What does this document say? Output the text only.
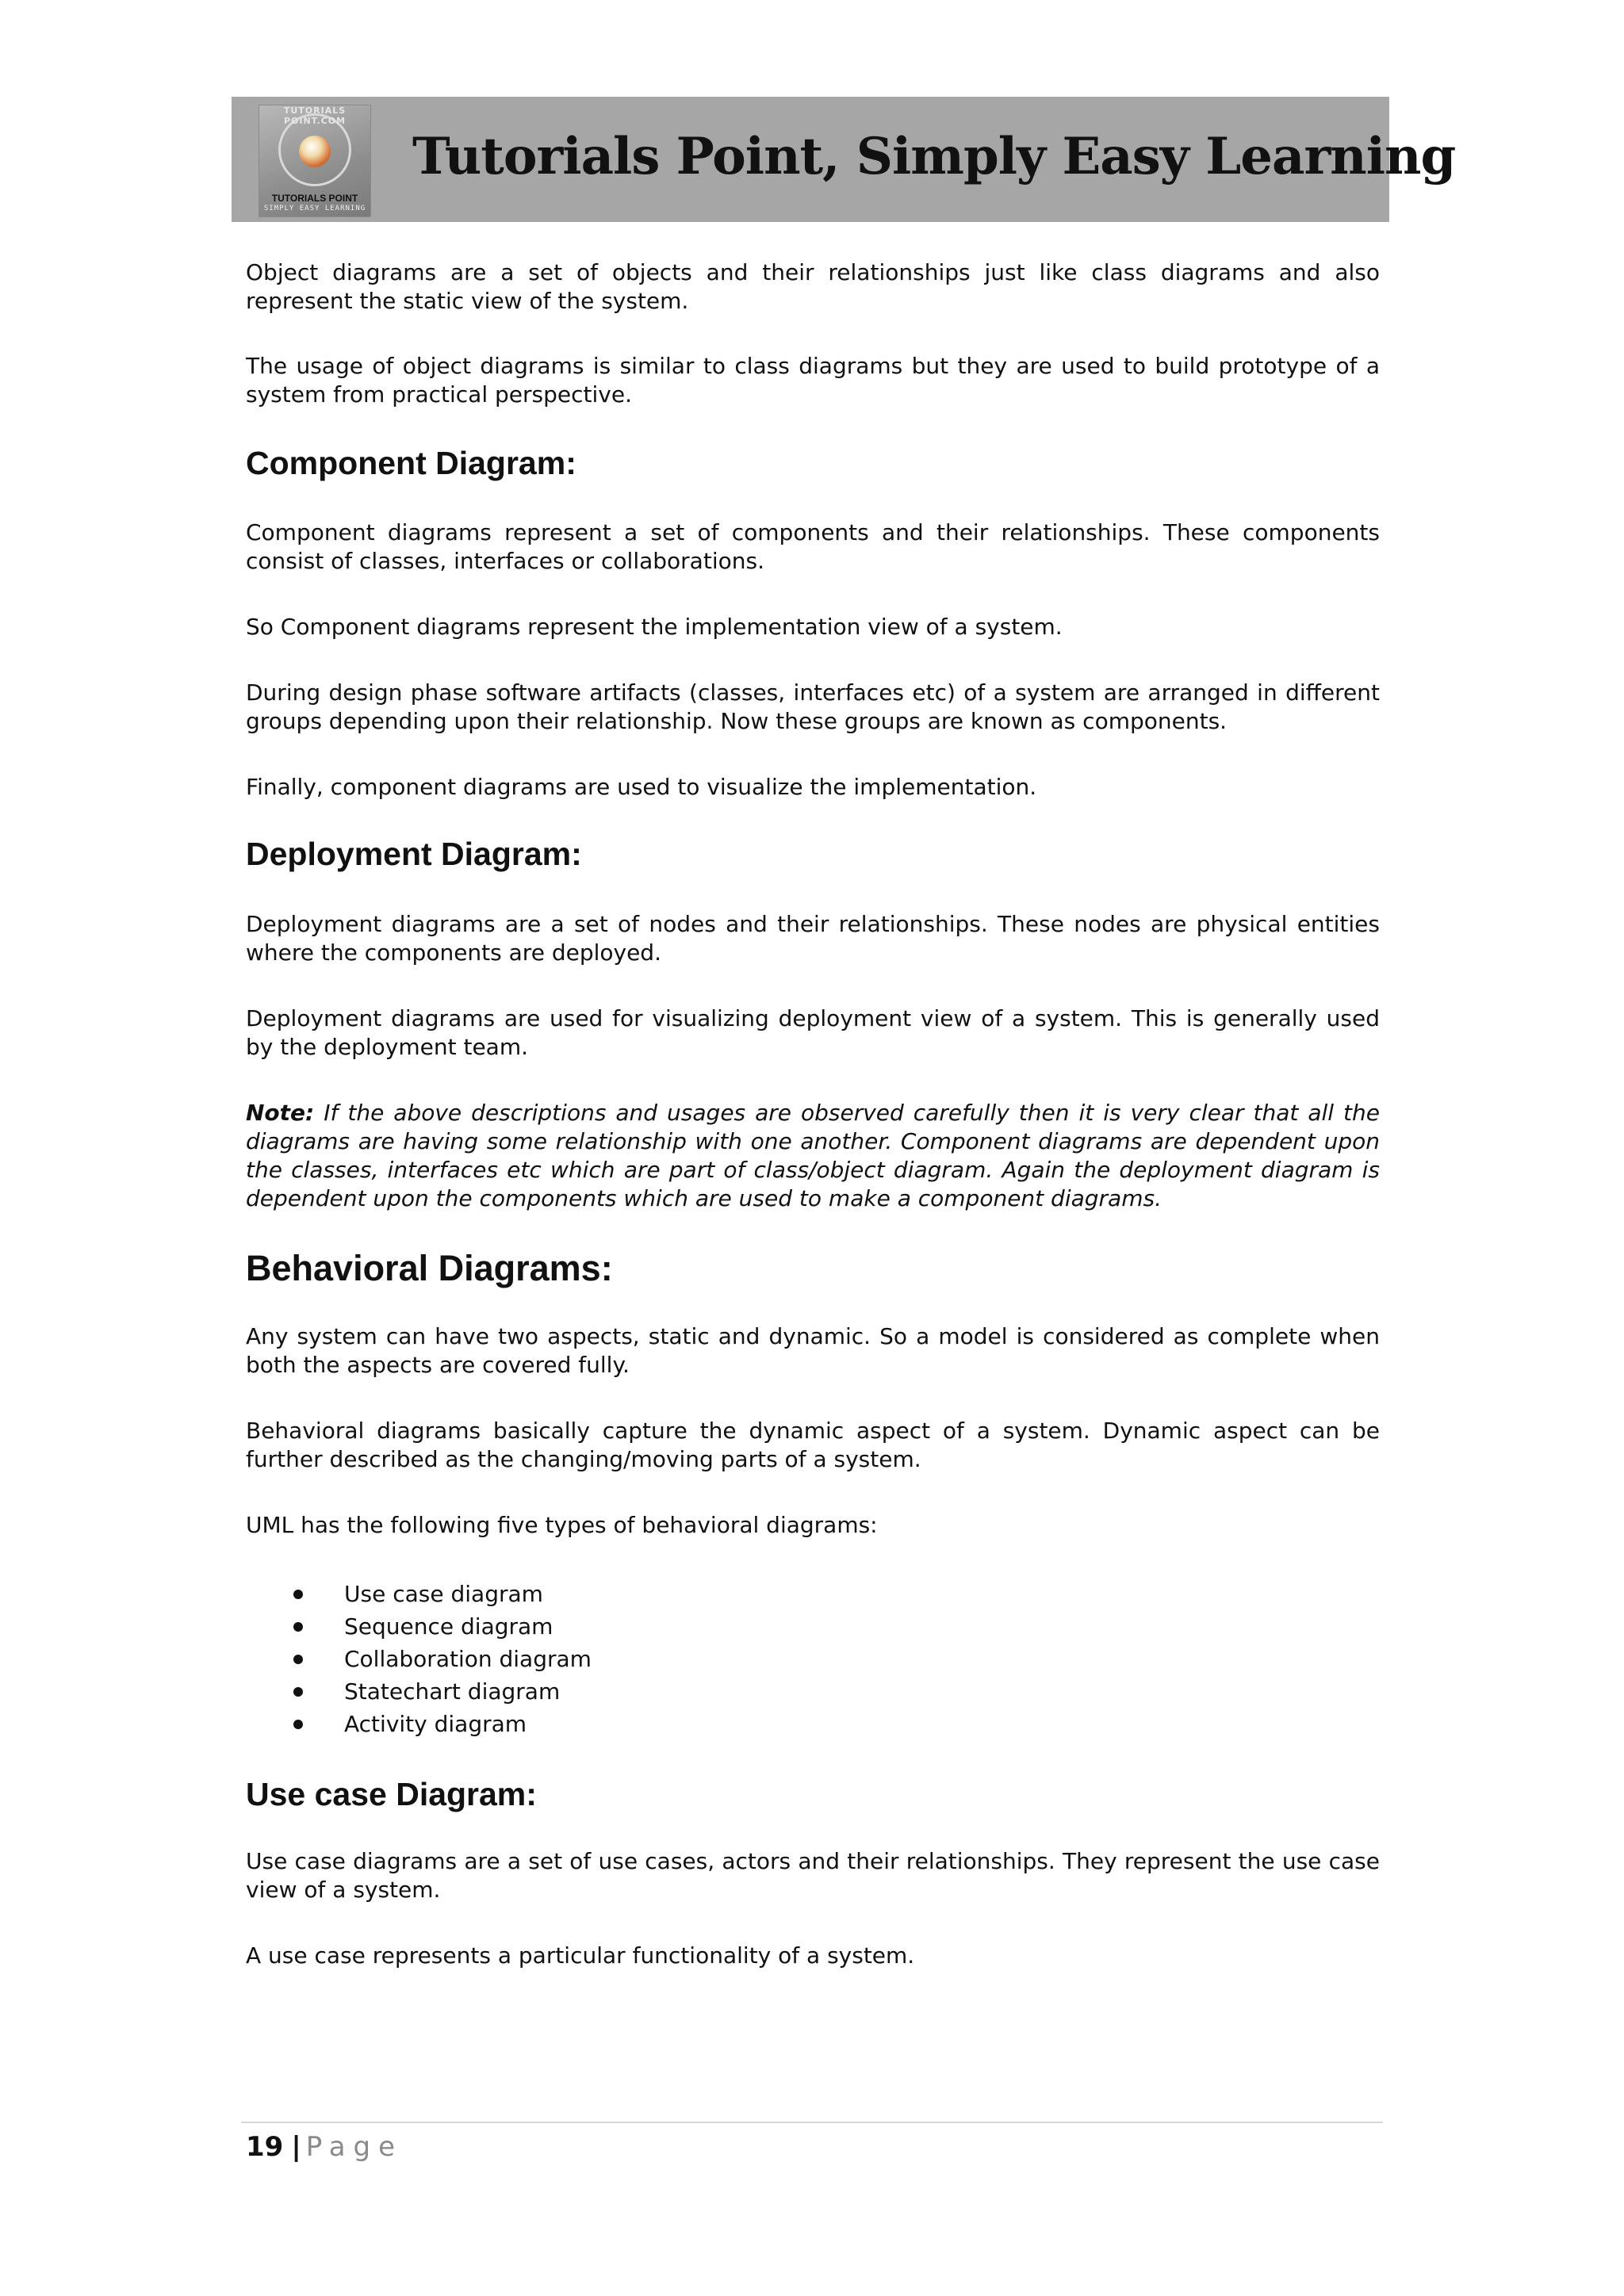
TUTORIALS POINT.COM
TUTORIALS POINT
SIMPLY EASY LEARNING
Tutorials Point, Simply Easy Learning

Object diagrams are a set of objects and their relationships just like class diagrams and also represent the static view of the system.

The usage of object diagrams is similar to class diagrams but they are used to build prototype of a system from practical perspective.

Component Diagram:

Component diagrams represent a set of components and their relationships. These components consist of classes, interfaces or collaborations.

So Component diagrams represent the implementation view of a system.

During design phase software artifacts (classes, interfaces etc) of a system are arranged in different groups depending upon their relationship. Now these groups are known as components.

Finally, component diagrams are used to visualize the implementation.

Deployment Diagram:

Deployment diagrams are a set of nodes and their relationships. These nodes are physical entities where the components are deployed.

Deployment diagrams are used for visualizing deployment view of a system. This is generally used by the deployment team.

Note: If the above descriptions and usages are observed carefully then it is very clear that all the diagrams are having some relationship with one another. Component diagrams are dependent upon the classes, interfaces etc which are part of class/object diagram. Again the deployment diagram is dependent upon the components which are used to make a component diagrams.

Behavioral Diagrams:

Any system can have two aspects, static and dynamic. So a model is considered as complete when both the aspects are covered fully.

Behavioral diagrams basically capture the dynamic aspect of a system. Dynamic aspect can be further described as the changing/moving parts of a system.

UML has the following five types of behavioral diagrams:

Use case diagram
Sequence diagram
Collaboration diagram
Statechart diagram
Activity diagram
Use case Diagram:

Use case diagrams are a set of use cases, actors and their relationships. They represent the use case view of a system.

A use case represents a particular functionality of a system.

19 | Page
